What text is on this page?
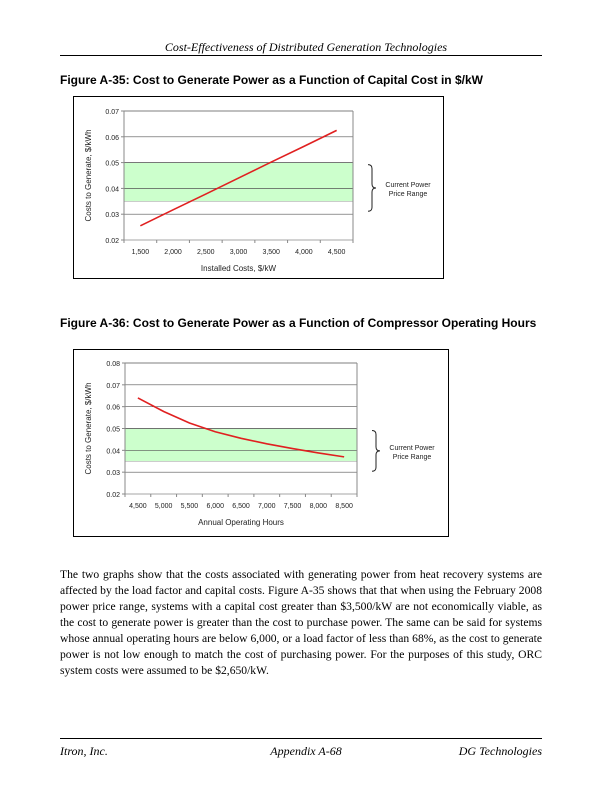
Cost-Effectiveness of Distributed Generation Technologies
Figure A-35: Cost to Generate Power as a Function of Capital Cost in $/kW
0.02
0.03
0.04
0.05
0.06
0.07
1,500 2,000 2,500 3,000 3,500 4,000 4,500
Installed Costs, $/kW
Costs to Generate, $/kWh	Current Power
Price Range
Figure A-36: Cost to Generate Power as a Function of Compressor Operating Hours
0.02
0.03
0.04
0.05
0.06
0.07
0.08
4,500 5,000 5,500 6,000 6,500 7,000 7,500 8,000 8,500
Annual Operating Hours
Costs to Generate, $/kWh	Current Power
Price Range
The two graphs show that the costs associated with generating power from heat recovery systems are affected by the load factor and capital costs. Figure A-35 shows that that when using the February 2008 power price range, systems with a capital cost greater than $3,500/kW are not economically viable, as the cost to generate power is greater than the cost to purchase power. The same can be said for systems whose annual operating hours are below 6,000, or a load factor of less than 68%, as the cost to generate power is not low enough to match the cost of purchasing power. For the purposes of this study, ORC system costs were assumed to be $2,650/kW.
Itron, Inc.	Appendix A-68	DG Technologies
